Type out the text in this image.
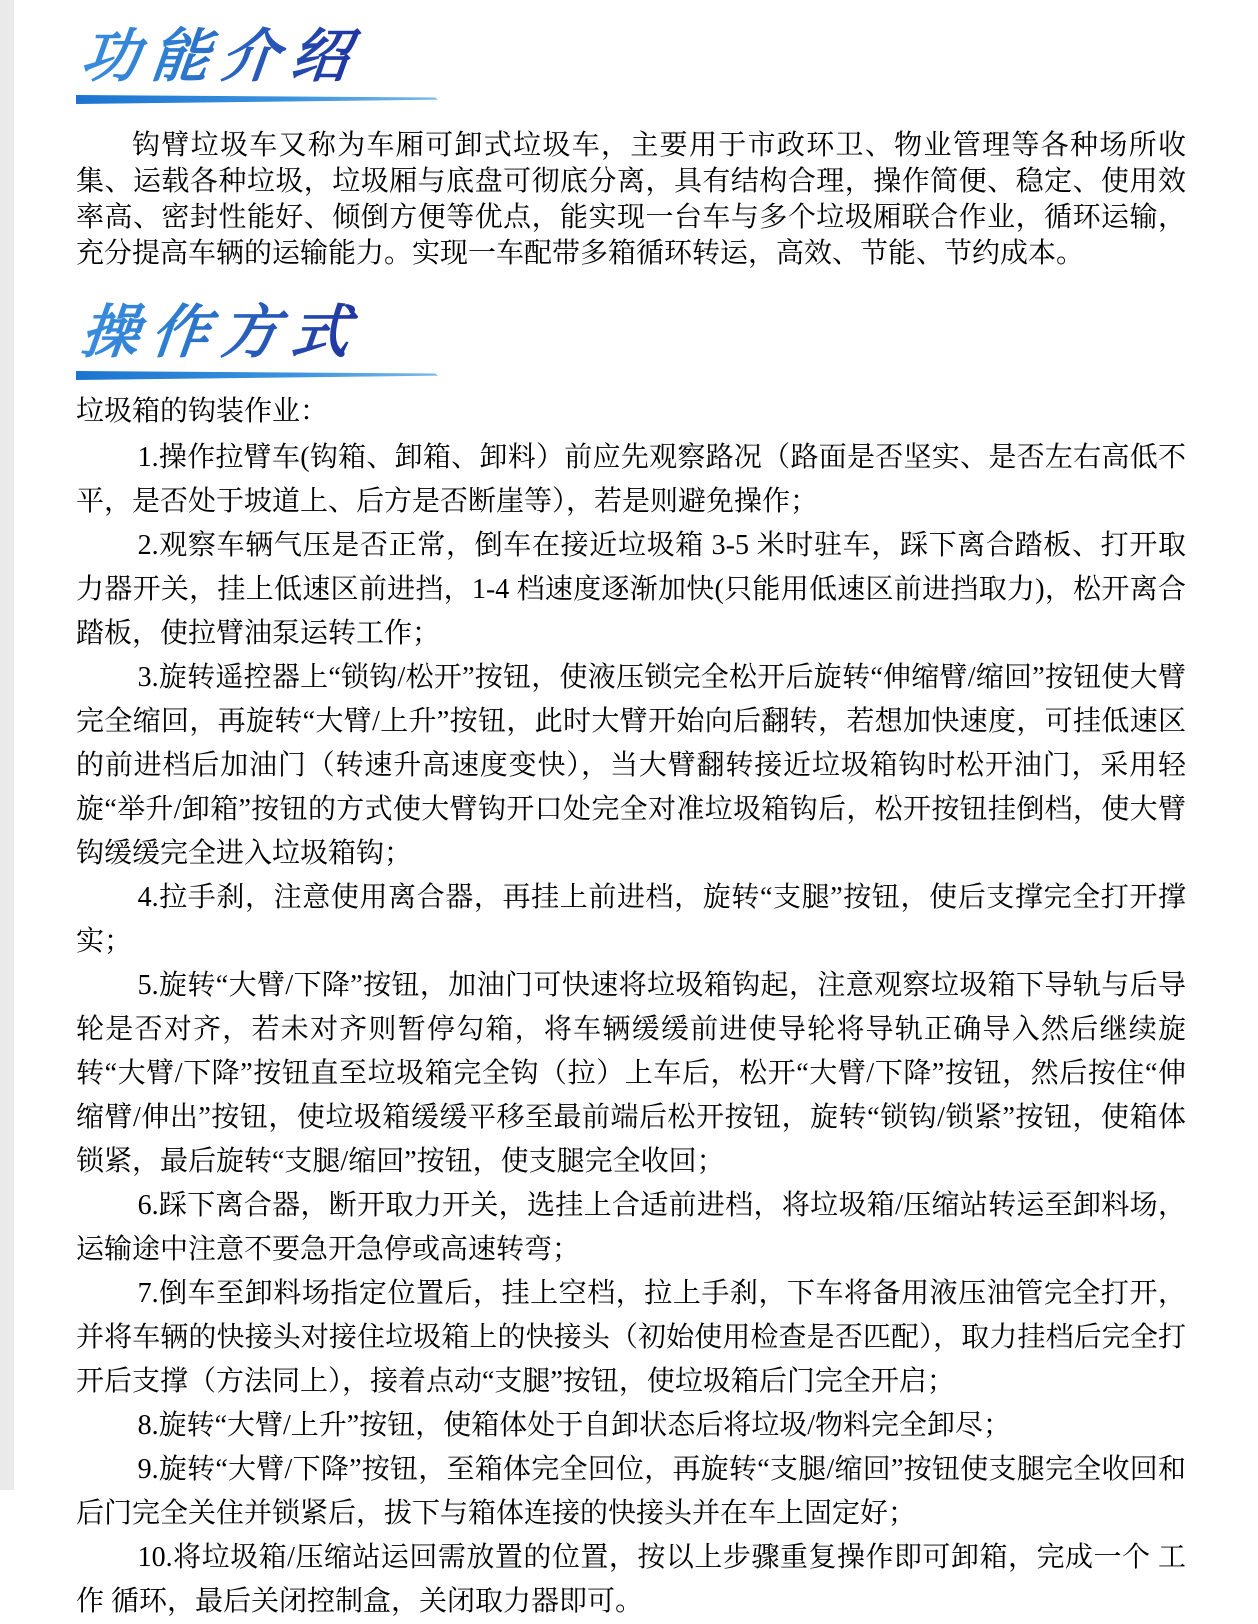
功能介绍

钩臂垃圾车又称为车厢可卸式垃圾车，主要用于市政环卫、物业管理等各种场所收集、运载各种垃圾，垃圾厢与底盘可彻底分离，具有结构合理，操作简便、稳定、使用效率高、密封性能好、倾倒方便等优点，能实现一台车与多个垃圾厢联合作业，循环运输，充分提高车辆的运输能力。实现一车配带多箱循环转运，高效、节能、节约成本。

操作方式

垃圾箱的钩装作业：

1.操作拉臂车(钩箱、卸箱、卸料）前应先观察路况（路面是否坚实、是否左右高低不平，是否处于坡道上、后方是否断崖等），若是则避免操作；

2.观察车辆气压是否正常，倒车在接近垃圾箱 3-5 米时驻车，踩下离合踏板、打开取力器开关，挂上低速区前进挡，1-4 档速度逐渐加快(只能用低速区前进挡取力)，松开离合踏板，使拉臂油泵运转工作；

3.旋转遥控器上“锁钩/松开”按钮，使液压锁完全松开后旋转“伸缩臂/缩回”按钮使大臂完全缩回，再旋转“大臂/上升”按钮，此时大臂开始向后翻转，若想加快速度，可挂低速区的前进档后加油门（转速升高速度变快），当大臂翻转接近垃圾箱钩时松开油门，采用轻旋“举升/卸箱”按钮的方式使大臂钩开口处完全对准垃圾箱钩后，松开按钮挂倒档，使大臂钩缓缓完全进入垃圾箱钩；

4.拉手刹，注意使用离合器，再挂上前进档，旋转“支腿”按钮，使后支撑完全打开撑实；

5.旋转“大臂/下降”按钮，加油门可快速将垃圾箱钩起，注意观察垃圾箱下导轨与后导轮是否对齐，若未对齐则暂停勾箱，将车辆缓缓前进使导轮将导轨正确导入然后继续旋转“大臂/下降”按钮直至垃圾箱完全钩（拉）上车后，松开“大臂/下降”按钮，然后按住“伸缩臂/伸出”按钮，使垃圾箱缓缓平移至最前端后松开按钮，旋转“锁钩/锁紧”按钮，使箱体锁紧，最后旋转“支腿/缩回”按钮，使支腿完全收回；

6.踩下离合器，断开取力开关，选挂上合适前进档，将垃圾箱/压缩站转运至卸料场，运输途中注意不要急开急停或高速转弯；

7.倒车至卸料场指定位置后，挂上空档，拉上手刹，下车将备用液压油管完全打开，并将车辆的快接头对接住垃圾箱上的快接头（初始使用检查是否匹配），取力挂档后完全打开后支撑（方法同上），接着点动“支腿”按钮，使垃圾箱后门完全开启；

8.旋转“大臂/上升”按钮，使箱体处于自卸状态后将垃圾/物料完全卸尽；

9.旋转“大臂/下降”按钮，至箱体完全回位，再旋转“支腿/缩回”按钮使支腿完全收回和后门完全关住并锁紧后，拔下与箱体连接的快接头并在车上固定好；

10.将垃圾箱/压缩站运回需放置的位置，按以上步骤重复操作即可卸箱，完成一个 工作 循环，最后关闭控制盒，关闭取力器即可。
